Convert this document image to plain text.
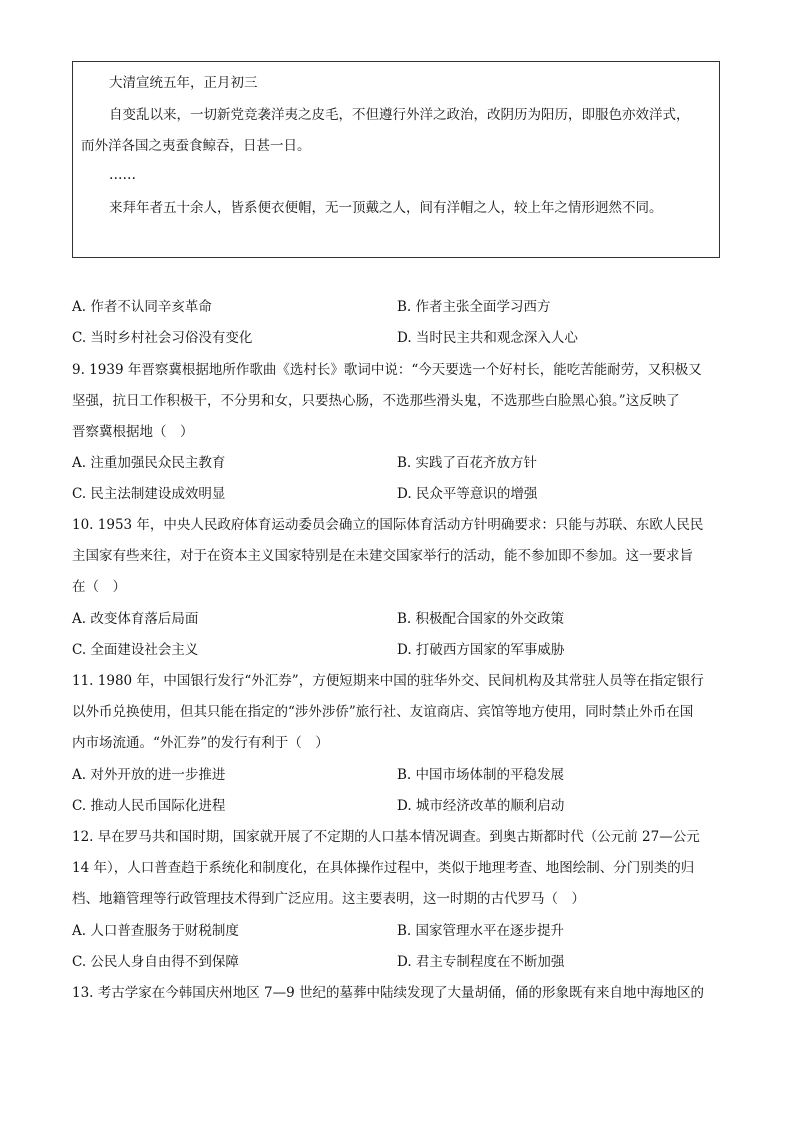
大清宣统五年，正月初三
自变乱以来，一切新党竞袭洋夷之皮毛，不但遵行外洋之政治，改阴历为阳历，即服色亦效洋式，
而外洋各国之夷蚕食鲸吞，日甚一日。
……
来拜年者五十余人，皆系便衣便帽，无一顶戴之人，间有洋帽之人，较上年之情形迥然不同。
A. 作者不认同辛亥革命	B. 作者主张全面学习西方
C. 当时乡村社会习俗没有变化	D. 当时民主共和观念深入人心
9. 1939 年晋察冀根据地所作歌曲《选村长》歌词中说：“今天要选一个好村长，能吃苦能耐劳，又积极又
坚强，抗日工作积极干，不分男和女，只要热心肠，不选那些滑头鬼，不选那些白脸黑心狼。”这反映了
晋察冀根据地（　）
A. 注重加强民众民主教育	B. 实践了百花齐放方针
C. 民主法制建设成效明显	D. 民众平等意识的增强
10. 1953 年，中央人民政府体育运动委员会确立的国际体育活动方针明确要求：只能与苏联、东欧人民民
主国家有些来往，对于在资本主义国家特别是在未建交国家举行的活动，能不参加即不参加。这一要求旨
在（　）
A. 改变体育落后局面	B. 积极配合国家的外交政策
C. 全面建设社会主义	D. 打破西方国家的军事威胁
11. 1980 年，中国银行发行“外汇券”，方便短期来中国的驻华外交、民间机构及其常驻人员等在指定银行
以外币兑换使用，但其只能在指定的“涉外涉侨”旅行社、友谊商店、宾馆等地方使用，同时禁止外币在国
内市场流通。“外汇券”的发行有利于（　）
A. 对外开放的进一步推进	B. 中国市场体制的平稳发展
C. 推动人民币国际化进程	D. 城市经济改革的顺利启动
12. 早在罗马共和国时期，国家就开展了不定期的人口基本情况调查。到奥古斯都时代（公元前 27—公元
14 年），人口普查趋于系统化和制度化，在具体操作过程中，类似于地理考查、地图绘制、分门别类的归
档、地籍管理等行政管理技术得到广泛应用。这主要表明，这一时期的古代罗马（　）
A. 人口普查服务于财税制度	B. 国家管理水平在逐步提升
C. 公民人身自由得不到保障	D. 君主专制程度在不断加强
13. 考古学家在今韩国庆州地区 7—9 世纪的墓葬中陆续发现了大量胡俑，俑的形象既有来自地中海地区的
